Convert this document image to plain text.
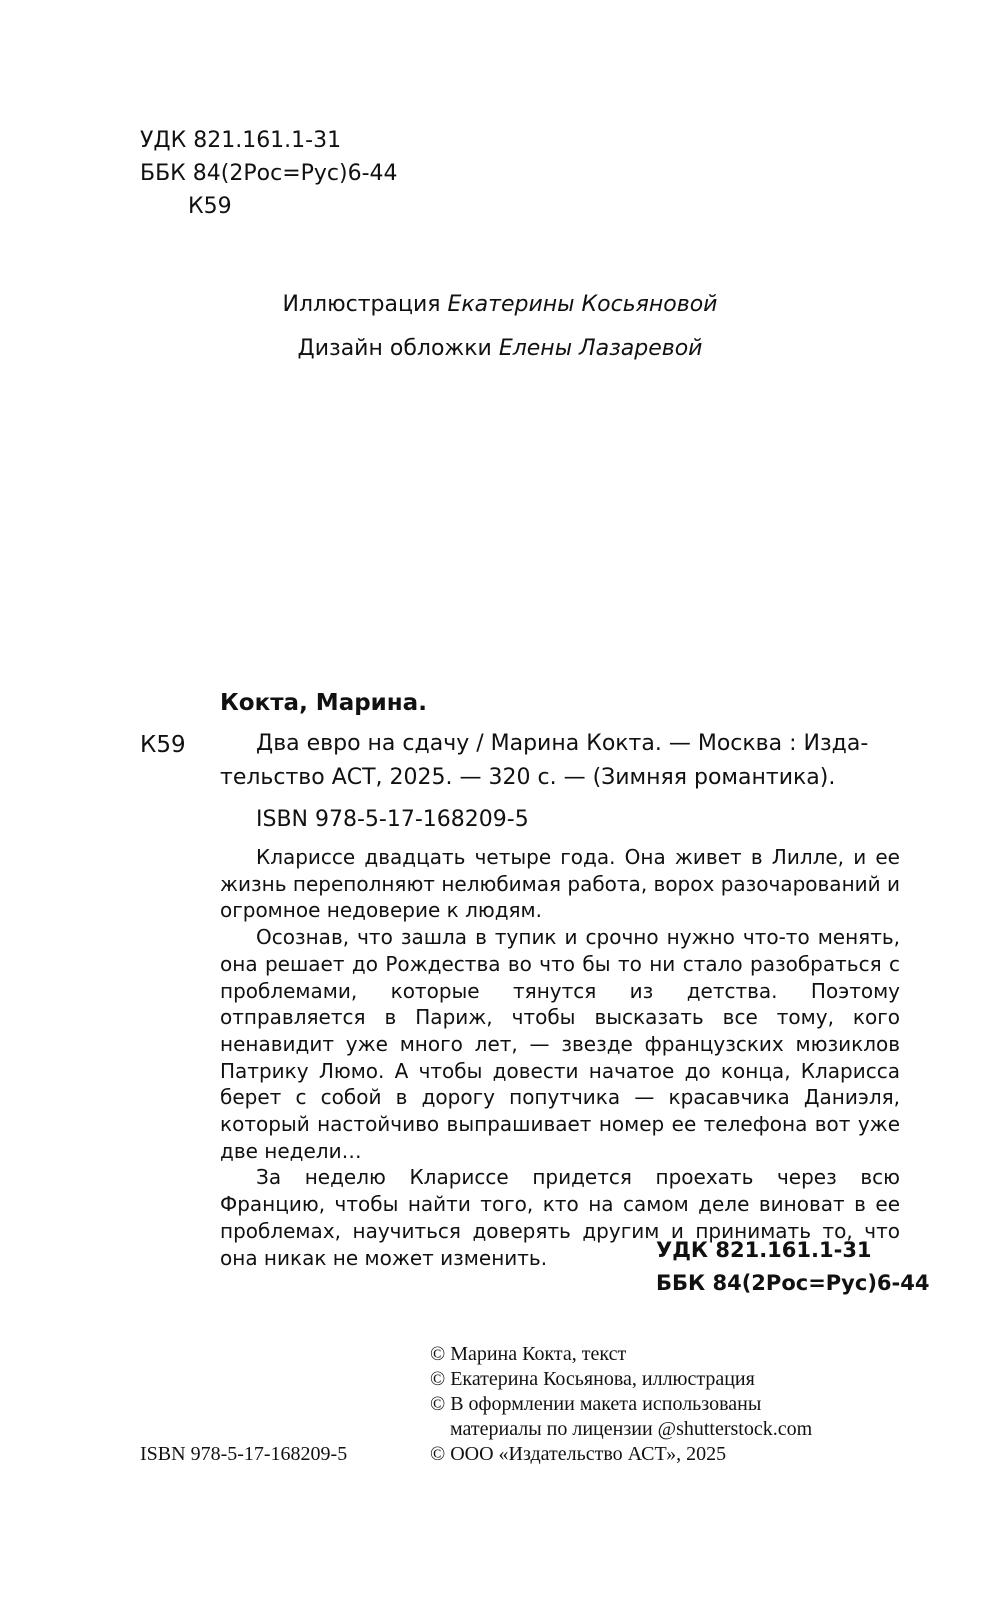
УДК 821.161.1-31
ББК 84(2Рос=Рус)6-44
К59
Иллюстрация Екатерины Косьяновой
Дизайн обложки Елены Лазаревой
Кокта, Марина.
К59	Два евро на сдачу / Марина Кокта. — Москва : Изда-
тельство АСТ, 2025. — 320 с. — (Зимняя романтика).
ISBN 978-5-17-168209-5

Клариссе двадцать четыре года. Она живет в Лилле, и ее жизнь переполняют нелюбимая работа, ворох разочарований и огромное недоверие к людям.

Осознав, что зашла в тупик и срочно нужно что-то менять, она решает до Рождества во что бы то ни стало разобраться с проблемами, которые тянутся из детства. Поэтому отправляется в Париж, чтобы высказать все тому, кого ненавидит уже много лет, — звезде французских мюзиклов Патрику Люмо. А чтобы довести начатое до конца, Кларисса берет с собой в дорогу попутчика — красавчика Даниэля, который настойчиво выпрашивает номер ее телефона вот уже две недели…

За неделю Клариссе придется проехать через всю Францию, чтобы найти того, кто на самом деле виноват в ее проблемах, научиться доверять другим и принимать то, что она никак не может изменить.	УДК 821.161.1-31
ББК 84(2Рос=Рус)6-44
© Марина Кокта, текст
© Екатерина Косьянова, иллюстрация
© В оформлении макета использованы
материалы по лицензии @shutterstock.com
© ООО «Издательство АСТ», 2025
ISBN 978-5-17-168209-5
